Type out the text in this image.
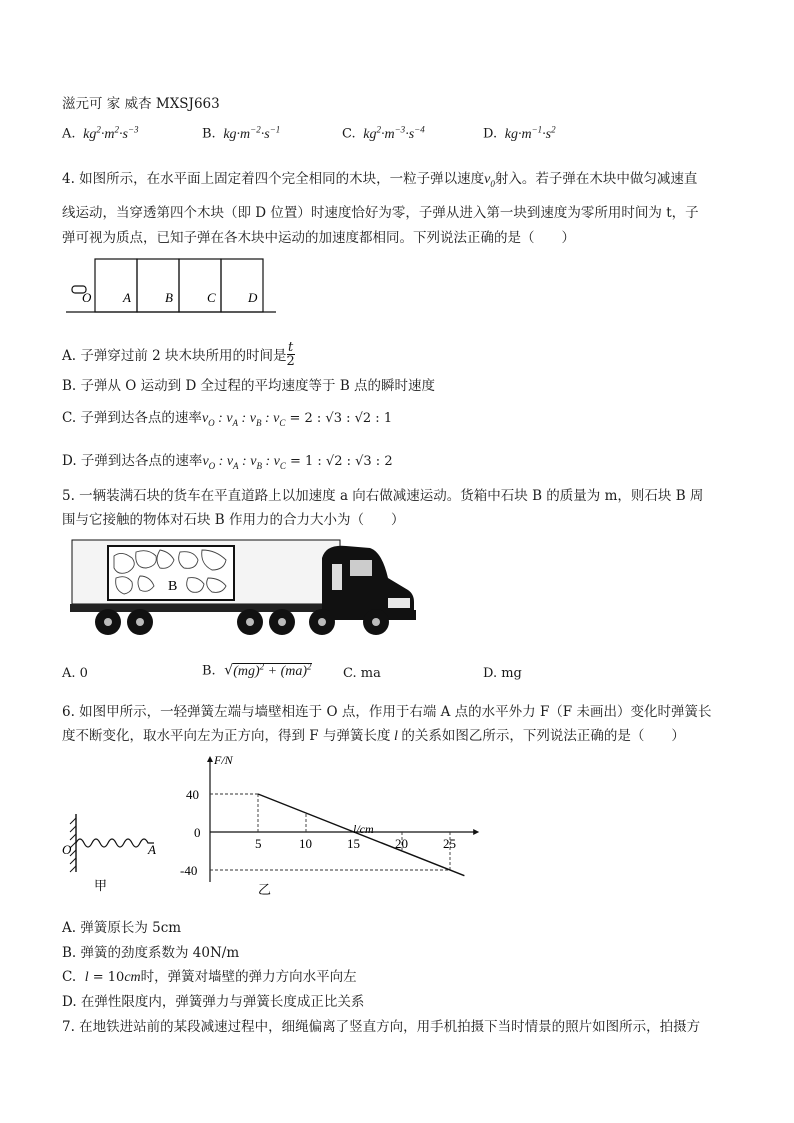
滋元可 家 威杏 MXSJ663
A.  $kg^2\cdot m^2\cdot s^{-3}$	B.  $kg\cdot m^{-2}\cdot s^{-1}$	C.  $kg^2\cdot m^{-3}\cdot s^{-4}$	D.  $kg\cdot m^{-1}\cdot s^2$
4. 如图所示，在水平面上固定着四个完全相同的木块，一粒子弹以速度$v_0$射入。若子弹在木块中做匀减速直
线运动，当穿透第四个木块（即 D 位置）时速度恰好为零，子弹从进入第一块到速度为零所用时间为 t，子
弹可视为质点，已知子弹在各木块中运动的加速度都相同。下列说法正确的是（　　）
O A	B	C D
A. 子弹穿过前 2 块木块所用的时间是 $\frac{t}{2}$
B. 子弹从 O 运动到 D 全过程的平均速度等于 B 点的瞬时速度
C. 子弹到达各点的速率$v_O$ : $v_A$ : $v_B$ : $v_C = 2$ : √3 : √2 : 1
D. 子弹到达各点的速率$v_O$ : $v_A$ : $v_B$ : $v_C = 1$ : √2 : √3 : 2
5. 一辆装满石块的货车在平直道路上以加速度 a 向右做减速运动。货箱中石块 B 的质量为 m，则石块 B 周
围与它接触的物体对石块 B 作用力的合力大小为（　　）
B
A. 0	B.  √(mg)$^2$ + (ma)$^2$ C. ma	D. mg
6. 如图甲所示，一轻弹簧左端与墙壁相连于 O 点，作用于右端 A 点的水平外力 F（F 未画出）变化时弹簧长
度不断变化，取水平向左为正方向，得到 F 与弹簧长度 l 的关系如图乙所示，下列说法正确的是（　　）
O	A
甲
5	10	15	20	25
40
0
-40
F/N
l/cm
乙
A. 弹簧原长为 5cm
B. 弹簧的劲度系数为 40N/m
C.  l = 10cm时，弹簧对墙壁的弹力方向水平向左
D. 在弹性限度内，弹簧弹力与弹簧长度成正比关系
7. 在地铁进站前的某段减速过程中，细绳偏离了竖直方向，用手机拍摄下当时情景的照片如图所示，拍摄方
